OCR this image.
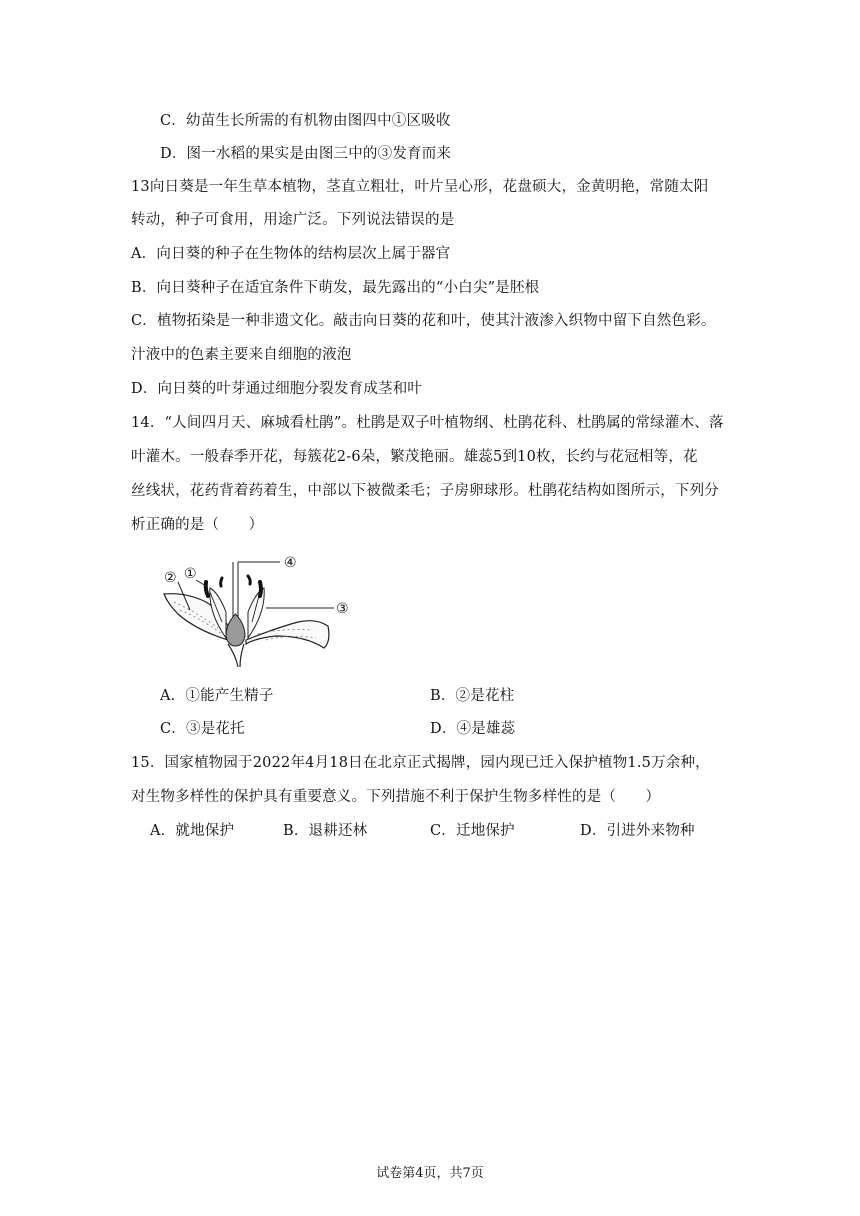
C．幼苗生长所需的有机物由图四中①区吸收
D．图一水稻的果实是由图三中的③发育而来
13向日葵是一年生草本植物，茎直立粗壮，叶片呈心形，花盘硕大，金黄明艳，常随太阳
转动，种子可食用，用途广泛。下列说法错误的是
A．向日葵的种子在生物体的结构层次上属于器官
B．向日葵种子在适宜条件下萌发，最先露出的“小白尖”是胚根
C．植物拓染是一种非遗文化。敲击向日葵的花和叶，使其汁液渗入织物中留下自然色彩。
汁液中的色素主要来自细胞的液泡
D．向日葵的叶芽通过细胞分裂发育成茎和叶
14．“人间四月天、麻城看杜鹃”。杜鹃是双子叶植物纲、杜鹃花科、杜鹃属的常绿灌木、落
叶灌木。一般春季开花，每簇花2-6朵，繁茂艳丽。雄蕊5到10枚，长约与花冠相等，花
丝线状，花药背着药着生，中部以下被微柔毛；子房卵球形。杜鹃花结构如图所示，下列分
析正确的是（　　）
④
③
①
②
A．①能产生精子	B．②是花柱
C．③是花托	D．④是雄蕊
15．国家植物园于2022年4月18日在北京正式揭牌，园内现已迁入保护植物1.5万余种，
对生物多样性的保护具有重要意义。下列措施不利于保护生物多样性的是（　　）
A．就地保护	B．退耕还林	C．迁地保护	D．引进外来物种
试卷第4页，共7页
